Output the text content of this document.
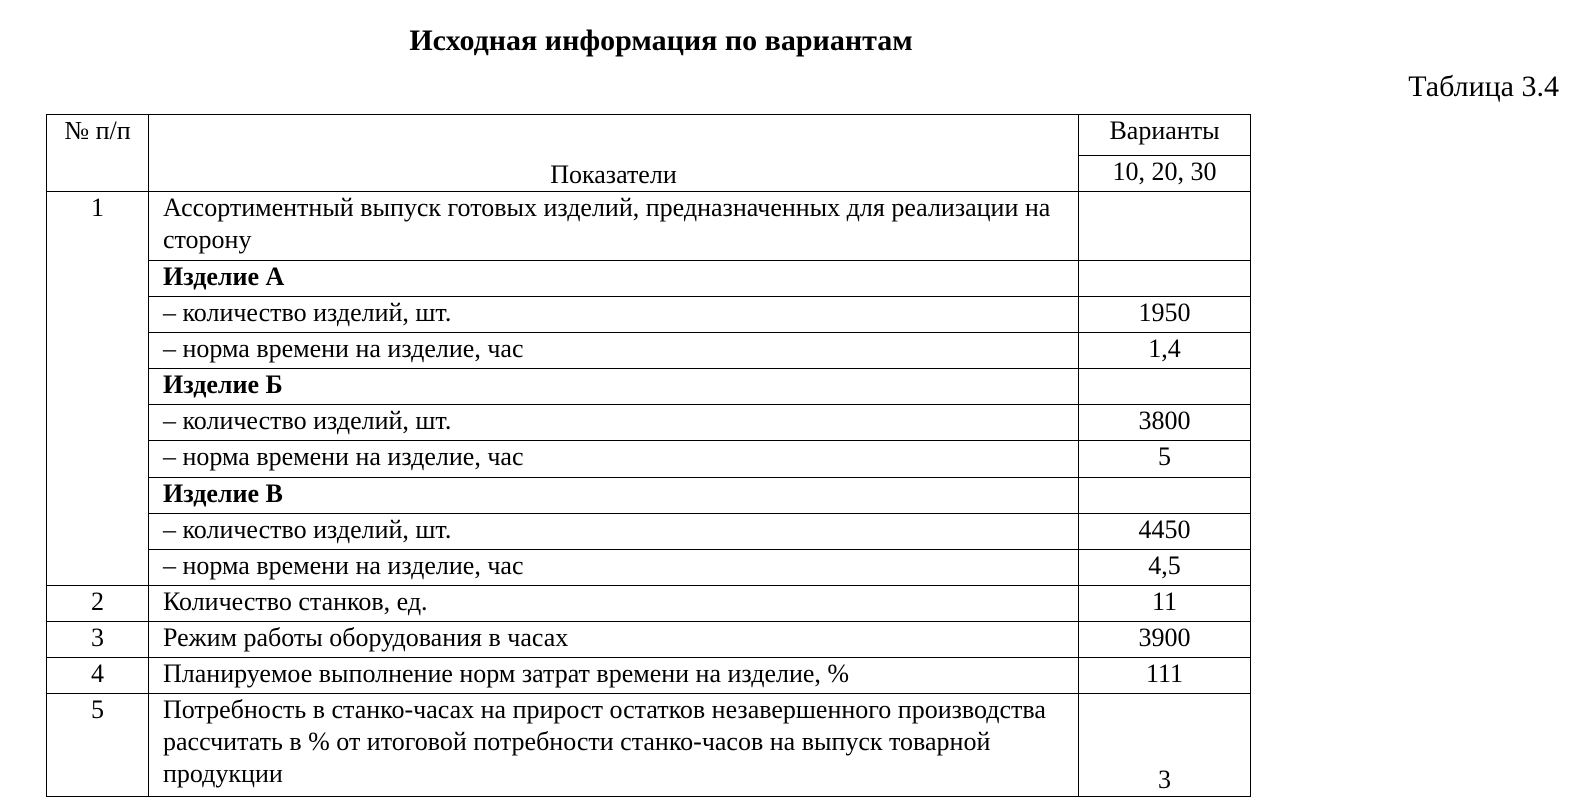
Исходная информация по вариантам
Таблица 3.4
№ п/п	Показатели	Варианты
		10, 20, 30
1	Ассортиментный выпуск готовых изделий, предназначенных для реализации на сторону	
	Изделие А	
	– количество изделий, шт.	1950
	– норма времени на изделие, час	1,4
	Изделие Б	
	– количество изделий, шт.	3800
	– норма времени на изделие, час	5
	Изделие В	
	– количество изделий, шт.	4450
	– норма времени на изделие, час	4,5
2	Количество станков, ед.	11
3	Режим работы оборудования в часах	3900
4	Планируемое выполнение норм затрат времени на изделие, %	111
5	Потребность в станко-часах на прирост остатков незавершенного производства рассчитать в % от итоговой потребности станко-часов на выпуск товарной продукции	3
